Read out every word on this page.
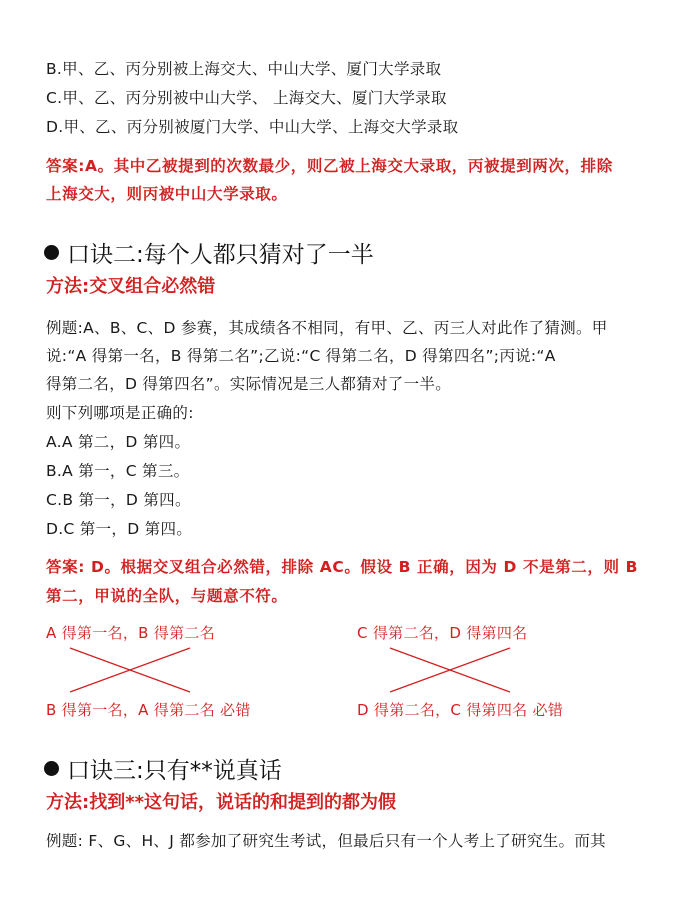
B.甲、乙、丙分别被上海交大、中山大学、厦门大学录取
C.甲、乙、丙分别被中山大学、 上海交大、厦门大学录取
D.甲、乙、丙分别被厦门大学、中山大学、上海交大学录取
答案:A。其中乙被提到的次数最少，则乙被上海交大录取，丙被提到两次，排除
上海交大，则丙被中山大学录取。
口诀二:每个人都只猜对了一半
方法:交叉组合必然错
例题:A、B、C、D 参赛，其成绩各不相同，有甲、乙、丙三人对此作了猜测。甲
说:“A 得第一名，B 得第二名”;乙说:“C 得第二名，D 得第四名”;丙说:“A
得第二名，D 得第四名”。实际情况是三人都猜对了一半。
则下列哪项是正确的:
A.A 第二，D 第四。
B.A 第一，C 第三。
C.B 第一，D 第四。
D.C 第一，D 第四。
答案: D。根据交叉组合必然错，排除 AC。假设 B 正确，因为 D 不是第二，则 B
第二，甲说的全队，与题意不符。
A 得第一名，B 得第二名	C 得第二名，D 得第四名
B 得第一名，A 得第二名 必错	D 得第二名，C 得第四名 必错
口诀三:只有**说真话
方法:找到**这句话，说话的和提到的都为假
例题: F、G、H、J 都参加了研究生考试，但最后只有一个人考上了研究生。而其
